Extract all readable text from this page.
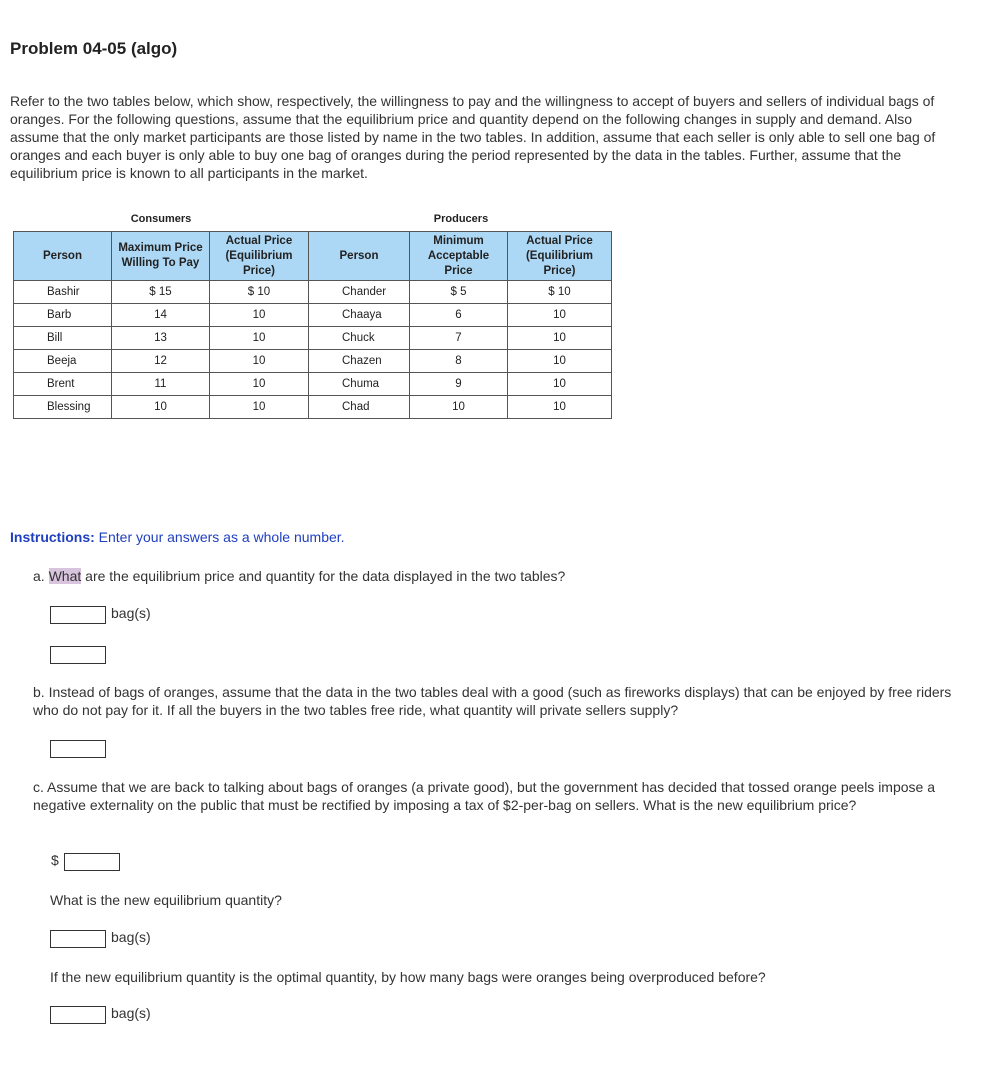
Problem 04-05 (algo)
Refer to the two tables below, which show, respectively, the willingness to pay and the willingness to accept of buyers and sellers of individual bags of oranges. For the following questions, assume that the equilibrium price and quantity depend on the following changes in supply and demand. Also assume that the only market participants are those listed by name in the two tables. In addition, assume that each seller is only able to sell one bag of oranges and each buyer is only able to buy one bag of oranges during the period represented by the data in the tables. Further, assume that the equilibrium price is known to all participants in the market.
Consumers	Producers
Person	Maximum Price Willing To Pay	Actual Price (Equilibrium Price)	Person	Minimum Acceptable Price	Actual Price (Equilibrium Price)
Bashir	$ 15	$ 10	Chander	$ 5	$ 10
Barb	14	10	Chaaya	6	10
Bill	13	10	Chuck	7	10
Beeja	12	10	Chazen	8	10
Brent	11	10	Chuma	9	10
Blessing	10	10	Chad	10	10
Instructions: Enter your answers as a whole number.
a. What are the equilibrium price and quantity for the data displayed in the two tables?
bag(s)
b. Instead of bags of oranges, assume that the data in the two tables deal with a good (such as fireworks displays) that can be enjoyed by free riders who do not pay for it. If all the buyers in the two tables free ride, what quantity will private sellers supply?
c. Assume that we are back to talking about bags of oranges (a private good), but the government has decided that tossed orange peels impose a negative externality on the public that must be rectified by imposing a tax of $2-per-bag on sellers. What is the new equilibrium price?
$
What is the new equilibrium quantity?
bag(s)
If the new equilibrium quantity is the optimal quantity, by how many bags were oranges being overproduced before?
bag(s)
